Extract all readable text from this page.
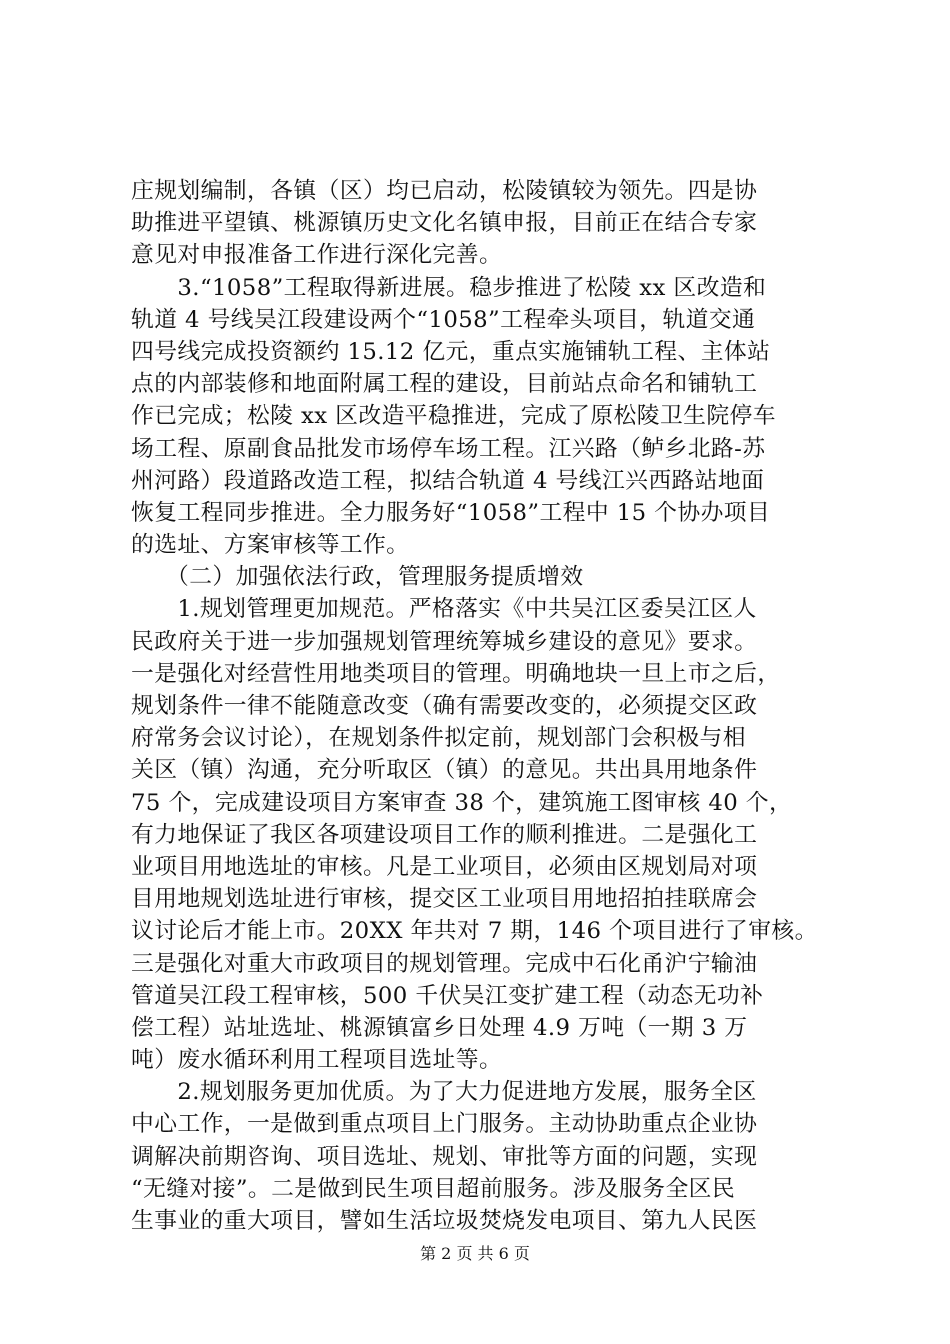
庄规划编制，各镇（区）均已启动，松陵镇较为领先。四是协
助推进平望镇、桃源镇历史文化名镇申报，目前正在结合专家
意见对申报准备工作进行深化完善。
　　3.“1058”工程取得新进展。稳步推进了松陵 xx 区改造和
轨道 4 号线吴江段建设两个“1058”工程牵头项目，轨道交通
四号线完成投资额约 15.12 亿元，重点实施铺轨工程、主体站
点的内部装修和地面附属工程的建设，目前站点命名和铺轨工
作已完成；松陵 xx 区改造平稳推进，完成了原松陵卫生院停车
场工程、原副食品批发市场停车场工程。江兴路（鲈乡北路-苏
州河路）段道路改造工程，拟结合轨道 4 号线江兴西路站地面
恢复工程同步推进。全力服务好“1058”工程中 15 个协办项目
的选址、方案审核等工作。
　　（二）加强依法行政，管理服务提质增效
　　1.规划管理更加规范。严格落实《中共吴江区委吴江区人
民政府关于进一步加强规划管理统筹城乡建设的意见》要求。
一是强化对经营性用地类项目的管理。明确地块一旦上市之后，
规划条件一律不能随意改变（确有需要改变的，必须提交区政
府常务会议讨论），在规划条件拟定前，规划部门会积极与相
关区（镇）沟通，充分听取区（镇）的意见。共出具用地条件
75 个，完成建设项目方案审查 38 个，建筑施工图审核 40 个，
有力地保证了我区各项建设项目工作的顺利推进。二是强化工
业项目用地选址的审核。凡是工业项目，必须由区规划局对项
目用地规划选址进行审核，提交区工业项目用地招拍挂联席会
议讨论后才能上市。20XX 年共对 7 期，146 个项目进行了审核。
三是强化对重大市政项目的规划管理。完成中石化甬沪宁输油
管道吴江段工程审核，500 千伏吴江变扩建工程（动态无功补
偿工程）站址选址、桃源镇富乡日处理 4.9 万吨（一期 3 万
吨）废水循环利用工程项目选址等。
　　2.规划服务更加优质。为了大力促进地方发展，服务全区
中心工作，一是做到重点项目上门服务。主动协助重点企业协
调解决前期咨询、项目选址、规划、审批等方面的问题，实现
“无缝对接”。二是做到民生项目超前服务。涉及服务全区民
生事业的重大项目，譬如生活垃圾焚烧发电项目、第九人民医
第 2 页 共 6 页
